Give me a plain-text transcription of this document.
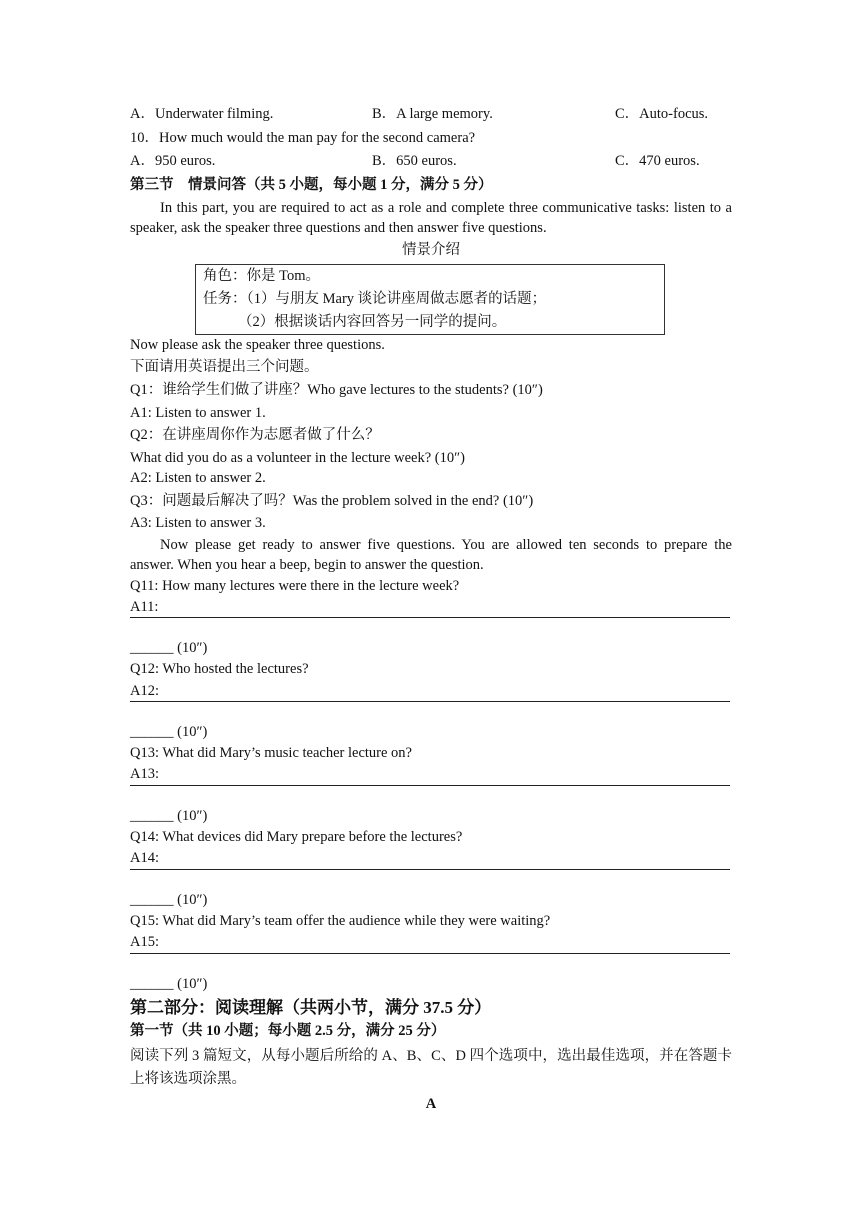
A．Underwater filming.	B．A large memory.	C．Auto-focus.
10．How much would the man pay for the second camera?
A．950 euros.	B．650 euros.	C．470 euros.
第三节　情景问答（共 5 小题，每小题 1 分，满分 5 分）
In this part, you are required to act as a role and complete three communicative tasks: listen to a speaker, ask the speaker three questions and then answer five questions.
情景介绍
角色：你是 Tom。
任务：（1）与朋友 Mary 谈论讲座周做志愿者的话题；
（2）根据谈话内容回答另一同学的提问。
Now please ask the speaker three questions.
下面请用英语提出三个问题。
Q1：谁给学生们做了讲座？Who gave lectures to the students? (10″)
A1: Listen to answer 1.
Q2：在讲座周你作为志愿者做了什么？
What did you do as a volunteer in the lecture week? (10″)
A2: Listen to answer 2.
Q3：问题最后解决了吗？Was the problem solved in the end? (10″)
A3: Listen to answer 3.
Now please get ready to answer five questions. You are allowed ten seconds to prepare the answer. When you hear a beep, begin to answer the question.
Q11: How many lectures were there in the lecture week?
A11:
______ (10″)
Q12: Who hosted the lectures?
A12:
______ (10″)
Q13: What did Mary’s music teacher lecture on?
A13:
______ (10″)
Q14: What devices did Mary prepare before the lectures?
A14:
______ (10″)
Q15: What did Mary’s team offer the audience while they were waiting?
A15:
______ (10″)
第二部分：阅读理解（共两小节，满分 37.5 分）
第一节（共 10 小题；每小题 2.5 分，满分 25 分）
阅读下列 3 篇短文，从每小题后所给的 A、B、C、D 四个选项中，选出最佳选项，并在答题卡上将该选项涂黑。
A
